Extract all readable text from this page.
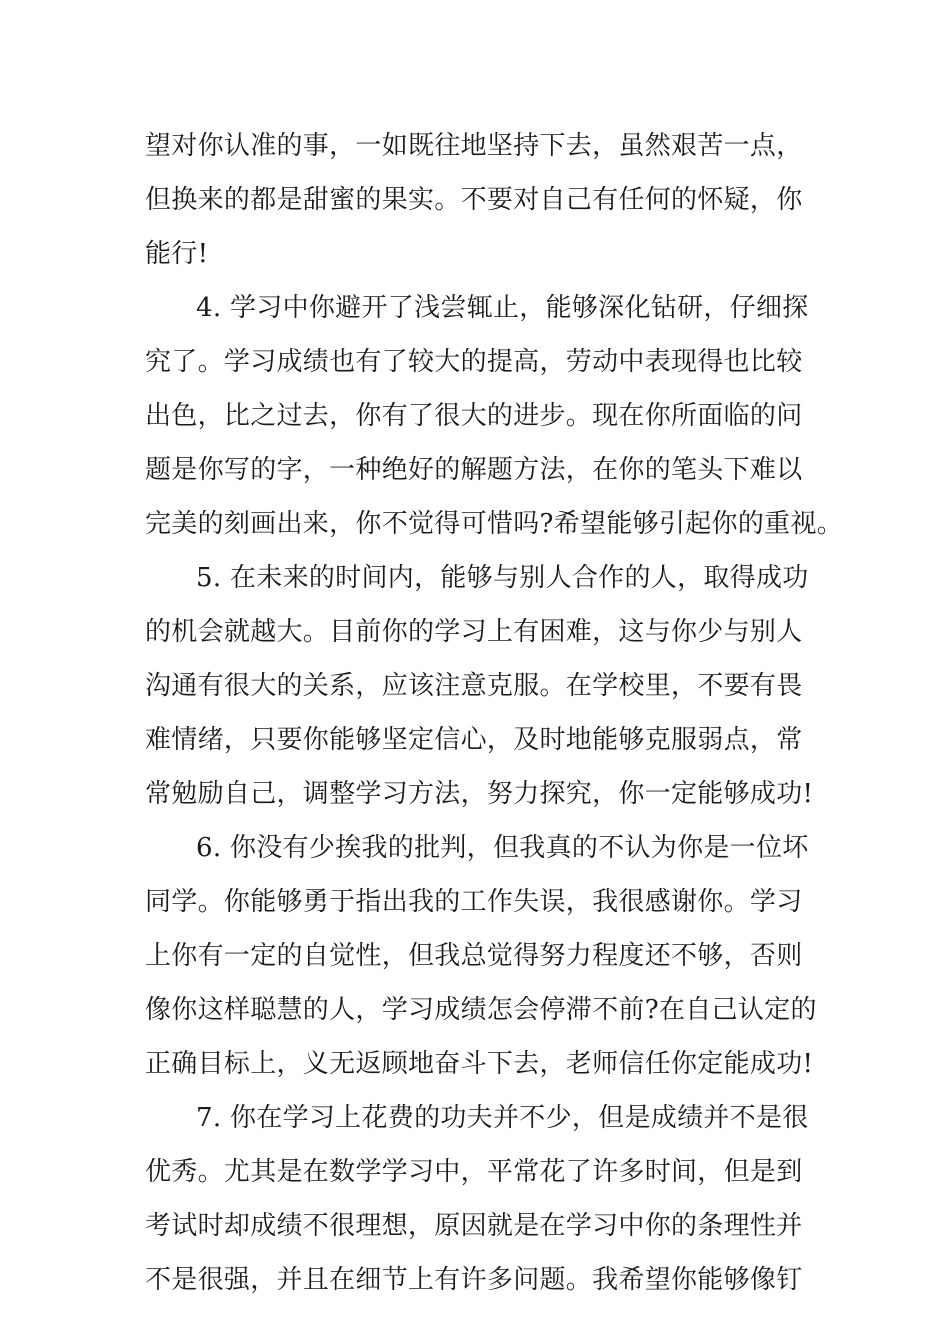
望对你认准的事，一如既往地坚持下去，虽然艰苦一点，
但换来的都是甜蜜的果实。不要对自己有任何的怀疑，你
能行!
4. 学习中你避开了浅尝辄止，能够深化钻研，仔细探
究了。学习成绩也有了较大的提高，劳动中表现得也比较
出色，比之过去，你有了很大的进步。现在你所面临的问
题是你写的字，一种绝好的解题方法，在你的笔头下难以
完美的刻画出来，你不觉得可惜吗?希望能够引起你的重视。
5. 在未来的时间内，能够与别人合作的人，取得成功
的机会就越大。目前你的学习上有困难，这与你少与别人
沟通有很大的关系，应该注意克服。在学校里，不要有畏
难情绪，只要你能够坚定信心，及时地能够克服弱点，常
常勉励自己，调整学习方法，努力探究，你一定能够成功!
6. 你没有少挨我的批判，但我真的不认为你是一位坏
同学。你能够勇于指出我的工作失误，我很感谢你。学习
上你有一定的自觉性，但我总觉得努力程度还不够，否则
像你这样聪慧的人，学习成绩怎会停滞不前?在自己认定的
正确目标上，义无返顾地奋斗下去，老师信任你定能成功!
7. 你在学习上花费的功夫并不少，但是成绩并不是很
优秀。尤其是在数学学习中，平常花了许多时间，但是到
考试时却成绩不很理想，原因就是在学习中你的条理性并
不是很强，并且在细节上有许多问题。我希望你能够像钉
